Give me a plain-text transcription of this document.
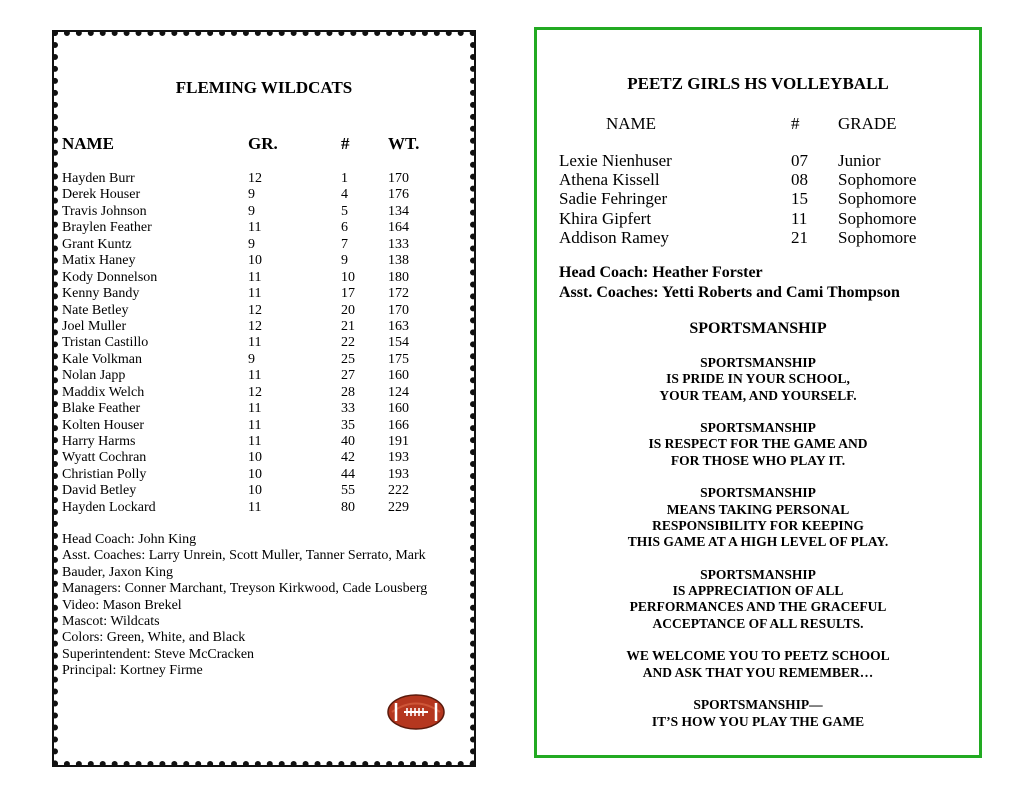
FLEMING WILDCATS
NAME	GR.	# WT.
Hayden Burr	12	1	170
Derek Houser	9	4	176
Travis Johnson	9	5	134
Braylen Feather	11	6	164
Grant Kuntz	9	7	133
Matix Haney	10	9	138
Kody Donnelson	11	10 180
Kenny Bandy	11	17 172
Nate Betley	12	20 170
Joel Muller	12	21 163
Tristan Castillo	11	22 154
Kale Volkman	9	25 175
Nolan Japp	11	27 160
Maddix Welch	12	28 124
Blake Feather	11	33 160
Kolten Houser	11	35 166
Harry Harms	11	40 191
Wyatt Cochran	10	42 193
Christian Polly	10	44 193
David Betley	10	55 222
Hayden Lockard	11	80 229
Head Coach: John King
Asst. Coaches: Larry Unrein, Scott Muller, Tanner Serrato, Mark Bauder, Jaxon King
Managers: Conner Marchant, Treyson Kirkwood, Cade Lousberg
Video: Mason Brekel
Mascot: Wildcats
Colors: Green, White, and Black
Superintendent: Steve McCracken
Principal: Kortney Firme
PEETZ GIRLS HS VOLLEYBALL
NAME	# GRADE
Lexie Nienhuser	07 Junior
Athena Kissell	08 Sophomore
Sadie Fehringer	15 Sophomore
Khira Gipfert	11 Sophomore
Addison Ramey	21 Sophomore
Head Coach: Heather Forster
Asst. Coaches: Yetti Roberts and Cami Thompson
SPORTSMANSHIP
SPORTSMANSHIP
IS PRIDE IN YOUR SCHOOL,
YOUR TEAM, AND YOURSELF.
SPORTSMANSHIP
IS RESPECT FOR THE GAME AND
FOR THOSE WHO PLAY IT.
SPORTSMANSHIP
MEANS TAKING PERSONAL
RESPONSIBILITY FOR KEEPING
THIS GAME AT A HIGH LEVEL OF PLAY.
SPORTSMANSHIP
IS APPRECIATION OF ALL
PERFORMANCES AND THE GRACEFUL
ACCEPTANCE OF ALL RESULTS.
WE WELCOME YOU TO PEETZ SCHOOL
AND ASK THAT YOU REMEMBER…
SPORTSMANSHIP—
IT’S HOW YOU PLAY THE GAME
